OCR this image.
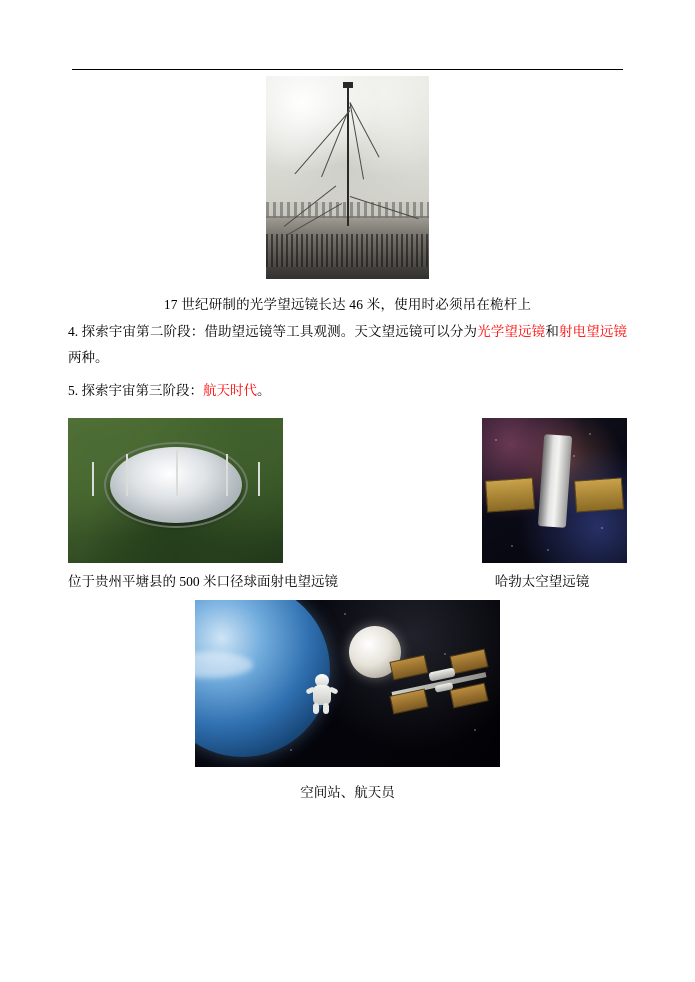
17 世纪研制的光学望远镜长达 46 米，使用时必须吊在桅杆上

4. 探索宇宙第二阶段：借助望远镜等工具观测。天文望远镜可以分为光学望远镜和射电望远镜两种。

5. 探索宇宙第三阶段：航天时代。

位于贵州平塘县的 500 米口径球面射电望远镜	哈勃太空望远镜
空间站、航天员
